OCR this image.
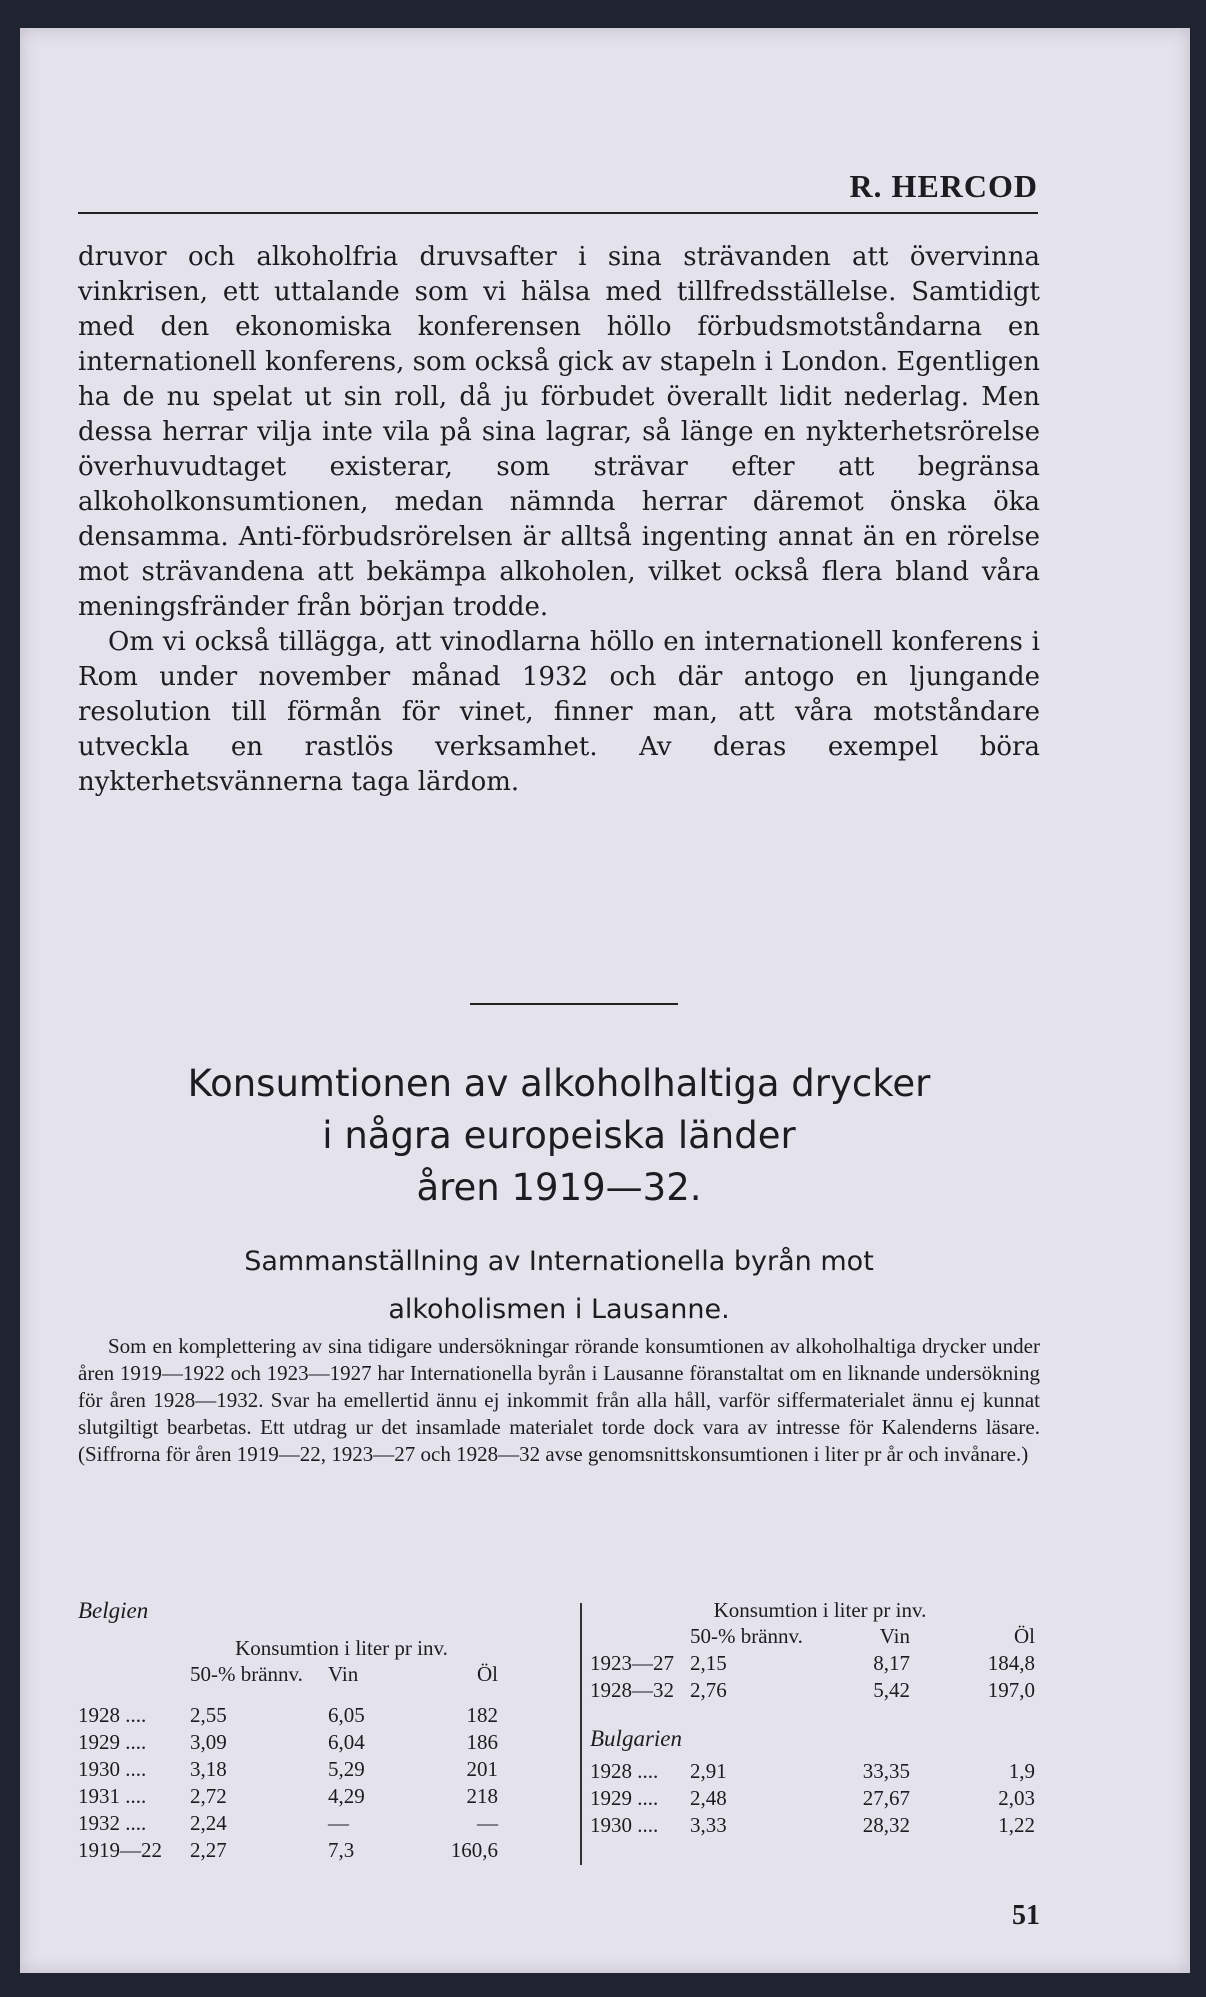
R. HERCOD

druvor och alkoholfria druvsafter i sina strävanden att övervinna vinkrisen, ett uttalande som vi hälsa med tillfredsställelse. Samtidigt med den ekonomiska konferensen höllo förbudsmotståndarna en internationell konferens, som också gick av stapeln i London. Egentligen ha de nu spelat ut sin roll, då ju förbudet överallt lidit nederlag. Men dessa herrar vilja inte vila på sina lagrar, så länge en nykterhetsrörelse överhuvudtaget existerar, som strävar efter att begränsa alkoholkonsumtionen, medan nämnda herrar däremot önska öka densamma. Anti-förbudsrörelsen är alltså ingenting annat än en rörelse mot strävandena att bekämpa alkoholen, vilket också flera bland våra meningsfränder från början trodde.

Om vi också tillägga, att vinodlarna höllo en internationell konferens i Rom under november månad 1932 och där antogo en ljungande resolution till förmån för vinet, finner man, att våra motståndare utveckla en rastlös verksamhet. Av deras exempel böra nykterhetsvännerna taga lärdom.

Konsumtionen av alkoholhaltiga drycker
i några europeiska länder
åren 1919—32.
Sammanställning av Internationella byrån mot
alkoholismen i Lausanne.

Som en komplettering av sina tidigare undersökningar rörande konsumtionen av alkoholhaltiga drycker under åren 1919—1922 och 1923—1927 har Internationella byrån i Lausanne föranstaltat om en liknande undersökning för åren 1928—1932. Svar ha emellertid ännu ej inkommit från alla håll, varför siffermaterialet ännu ej kunnat slutgiltigt bearbetas. Ett utdrag ur det insamlade materialet torde dock vara av intresse för Kalenderns läsare. (Siffrorna för åren 1919—22, 1923—27 och 1928—32 avse genomsnittskonsumtionen i liter pr år och invånare.)

Belgien
Konsumtion i liter pr inv.
50-% brännv.	Vin	Öl
1928 ....	2,55	6,05	182
1929 ....	3,09	6,04	186
1930 ....	3,18	5,29	201
1931 ....	2,72	4,29	218
1932 ....	2,24	—	—
1919—22	2,27	7,3	160,6
Konsumtion i liter pr inv.
50-% brännv.	Vin	Öl
1923—27 2,15	8,17	184,8
1928—32 2,76	5,42	197,0
Bulgarien
1928 ....	2,91	33,35	1,9
1929 ....	2,48	27,67	2,03
1930 ....	3,33	28,32	1,22
51
